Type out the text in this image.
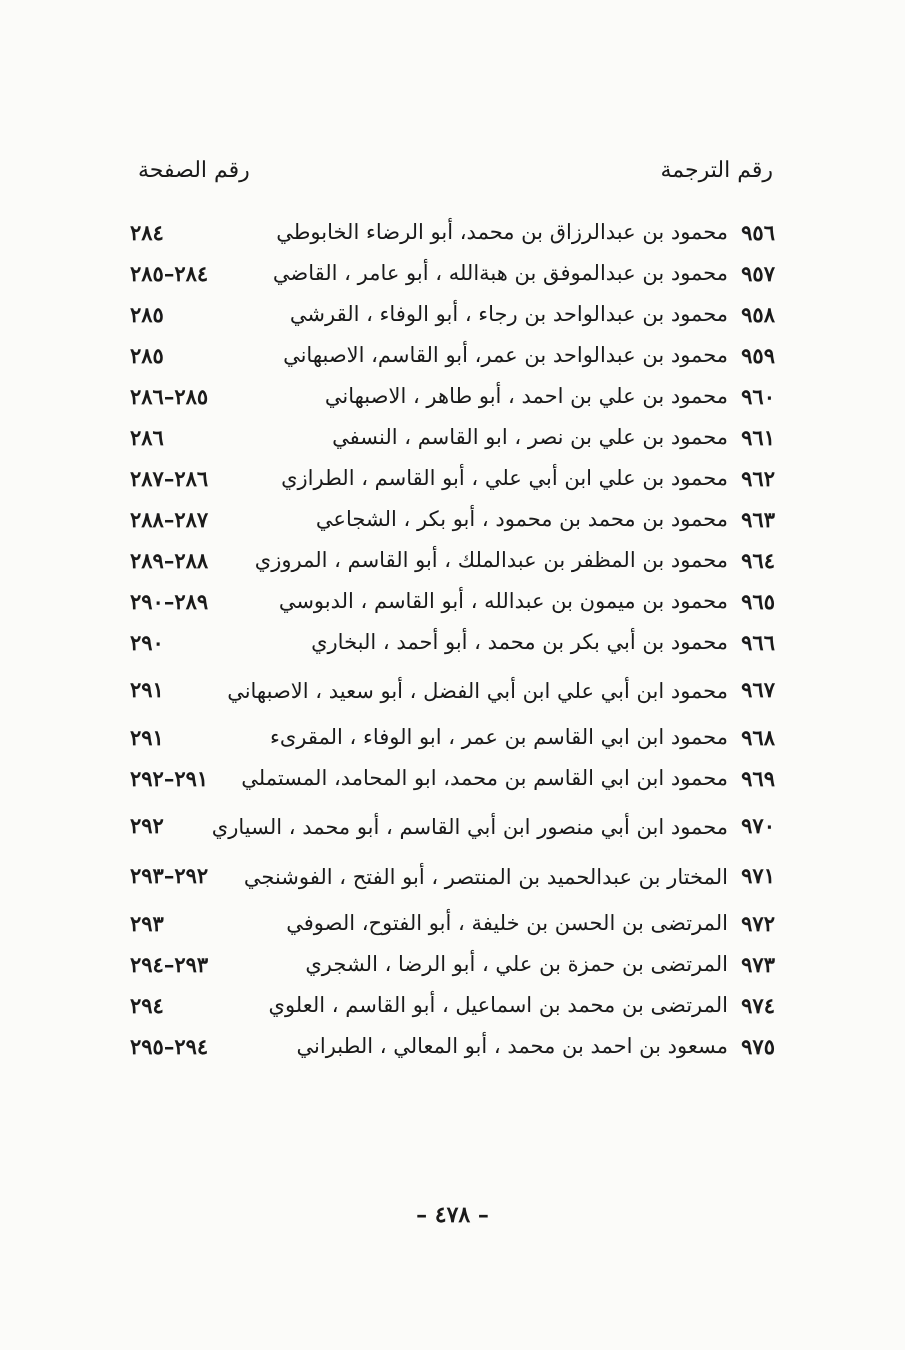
رقم الترجمة
رقم الصفحة
٩٥٦
محمود بن عبدالرزاق بن محمد، أبو الرضاء الخابوطي
٢٨٤
٩٥٧
محمود بن عبدالموفق بن هبةالله ، أبو عامر ، القاضي
٢٨٤–٢٨٥
٩٥٨
محمود بن عبدالواحد بن رجاء ، أبو الوفاء ، القرشي
٢٨٥
٩٥٩
محمود بن عبدالواحد بن عمر، أبو القاسم، الاصبهاني
٢٨٥
٩٦٠
محمود بن علي بن احمد ، أبو طاهر ، الاصبهاني
٢٨٥–٢٨٦
٩٦١
محمود بن علي بن نصر ، ابو القاسم ، النسفي
٢٨٦
٩٦٢
محمود بن علي ابن أبي علي ، أبو القاسم ، الطرازي
٢٨٦–٢٨٧
٩٦٣
محمود بن محمد بن محمود ، أبو بكر ، الشجاعي
٢٨٧–٢٨٨
٩٦٤
محمود بن المظفر بن عبدالملك ، أبو القاسم ، المروزي
٢٨٨–٢٨٩
٩٦٥
محمود بن ميمون بن عبدالله ، أبو القاسم ، الدبوسي
٢٨٩–٢٩٠
٩٦٦
محمود بن أبي بكر بن محمد ، أبو أحمد ، البخاري
٢٩٠
٩٦٧
محمود ابن أبي علي ابن أبي الفضل ، أبو سعيد ، الاصبهاني
٢٩١
٩٦٨
محمود ابن ابي القاسم بن عمر ، ابو الوفاء ، المقرىء
٢٩١
٩٦٩
محمود ابن ابي القاسم بن محمد، ابو المحامد، المستملي
٢٩١–٢٩٢
٩٧٠
محمود ابن أبي منصور ابن أبي القاسم ، أبو محمد ، السياري
٢٩٢
٩٧١
المختار بن عبدالحميد بن المنتصر ، أبو الفتح ، الفوشنجي
٢٩٢–٢٩٣
٩٧٢
المرتضى بن الحسن بن خليفة ، أبو الفتوح، الصوفي
٢٩٣
٩٧٣
المرتضى بن حمزة بن علي ، أبو الرضا ، الشجري
٢٩٣–٢٩٤
٩٧٤
المرتضى بن محمد بن اسماعيل ، أبو القاسم ، العلوي
٢٩٤
٩٧٥
مسعود بن احمد بن محمد ، أبو المعالي ، الطبراني
٢٩٤–٢٩٥
– ٤٧٨ –
